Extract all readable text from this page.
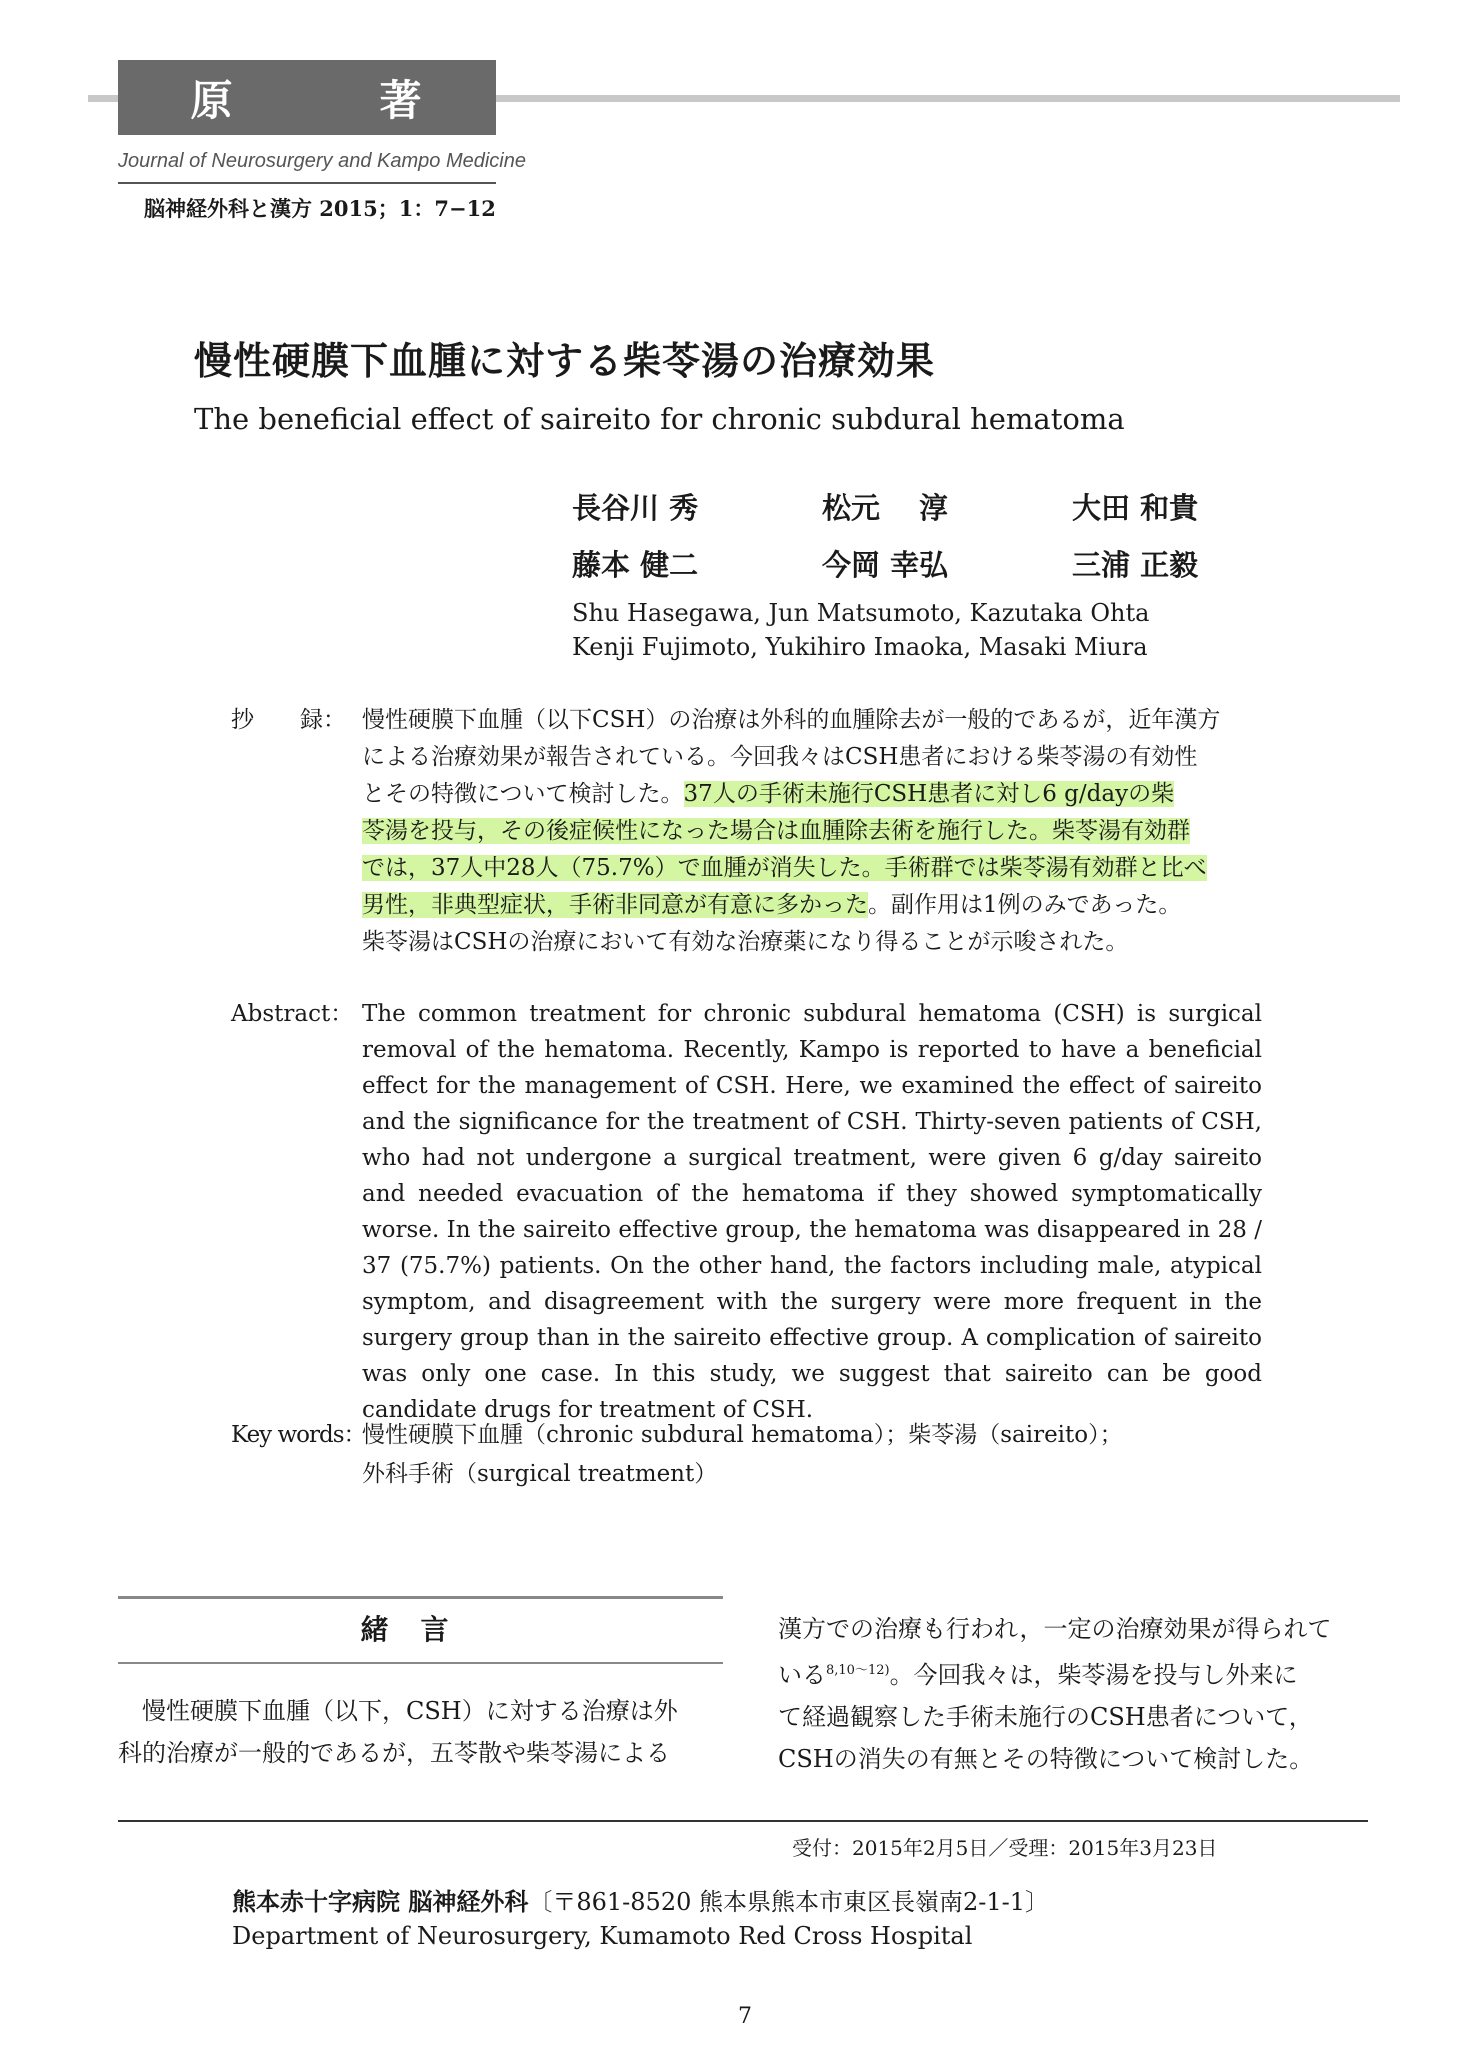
原	著
Journal of Neurosurgery and Kampo Medicine
脳神経外科と漢方 2015；1：7−12
慢性硬膜下血腫に対する柴苓湯の治療効果
The beneficial effect of saireito for chronic subdural hematoma
長谷川 秀	松元　 淳	大田 和貴
藤本 健二	今岡 幸弘	三浦 正毅
Shu Hasegawa, Jun Matsumoto, Kazutaka Ohta
Kenji Fujimoto, Yukihiro Imaoka, Masaki Miura
抄　　録： 慢性硬膜下血腫（以下CSH）の治療は外科的血腫除去が一般的であるが，近年漢方
による治療効果が報告されている。今回我々はCSH患者における柴苓湯の有効性
とその特徴について検討した。37人の手術未施行CSH患者に対し6 g/dayの柴
苓湯を投与，その後症候性になった場合は血腫除去術を施行した。柴苓湯有効群
では，37人中28人（75.7%）で血腫が消失した。手術群では柴苓湯有効群と比べ
男性，非典型症状，手術非同意が有意に多かった。副作用は1例のみであった。
柴苓湯はCSHの治療において有効な治療薬になり得ることが示唆された。
Abstract： The common treatment for chronic subdural hematoma (CSH) is surgical removal of the hematoma. Recently, Kampo is reported to have a beneficial effect for the management of CSH. Here, we examined the effect of saireito and the significance for the treatment of CSH. Thirty-seven patients of CSH, who had not undergone a surgical treatment, were given 6 g/day saireito and needed evacuation of the hematoma if they showed symptomatically worse. In the saireito effective group, the hematoma was disappeared in 28 / 37 (75.7%) patients. On the other hand, the factors including male, atypical symptom, and disagreement with the surgery were more frequent in the surgery group than in the saireito effective group. A complication of saireito was only one case. In this study, we suggest that saireito can be good candidate drugs for treatment of CSH.
Key words：
慢性硬膜下血腫（chronic subdural hematoma）；柴苓湯（saireito）；
外科手術（surgical treatment）
緒言
　慢性硬膜下血腫（以下，CSH）に対する治療は外
科的治療が一般的であるが，五苓散や柴苓湯による
漢方での治療も行われ，一定の治療効果が得られて
いる$^{8,10〜12)}$。今回我々は，柴苓湯を投与し外来に
て経過観察した手術未施行のCSH患者について，
CSHの消失の有無とその特徴について検討した。
受付：2015年2月5日／受理：2015年3月23日
熊本赤十字病院 脳神経外科〔〒861-8520 熊本県熊本市東区長嶺南2-1-1〕
Department of Neurosurgery, Kumamoto Red Cross Hospital
7
